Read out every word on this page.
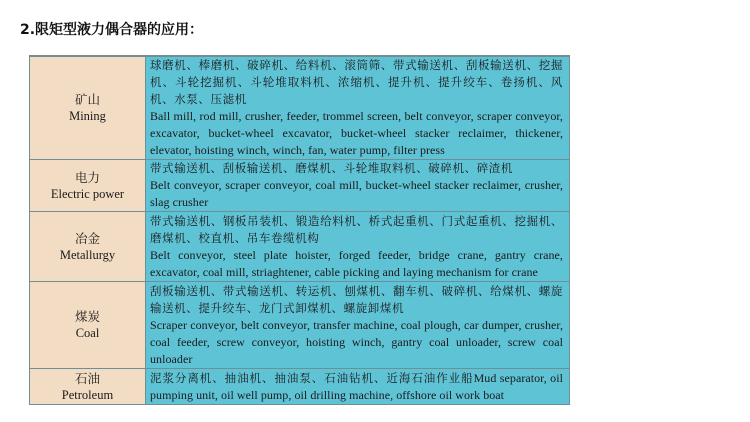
2.限矩型液力偶合器的应用：
矿山
Mining	球磨机、棒磨机、破碎机、给料机、滚筒筛、带式输送机、刮板输送机、挖掘机、斗轮挖掘机、斗轮堆取料机、浓缩机、提升机、提升绞车、卷扬机、风机、水泵、压滤机
Ball mill, rod mill, crusher, feeder, trommel screen, belt conveyor, scraper conveyor, excavator, bucket-wheel excavator, bucket-wheel stacker reclaimer, thickener, elevator, hoisting winch, winch, fan, water pump, filter press

电力
Electric power	带式输送机、刮板输送机、磨煤机、斗轮堆取料机、破碎机、碎渣机
Belt conveyor, scraper conveyor, coal mill, bucket-wheel stacker reclaimer, crusher, slag crusher

冶金
Metallurgy	带式输送机、钢板吊装机、锻造给料机、桥式起重机、门式起重机、挖掘机、磨煤机、校直机、吊车卷缆机构
Belt conveyor, steel plate hoister, forged feeder, bridge crane, gantry crane, excavator, coal mill, striaghtener, cable picking and laying mechanism for crane

煤炭
Coal	刮板输送机、带式输送机、转运机、刨煤机、翻车机、破碎机、给煤机、螺旋输送机、提升绞车、龙门式卸煤机、螺旋卸煤机
Scraper conveyor, belt conveyor, transfer machine, coal plough, car dumper, crusher, coal feeder, screw conveyor, hoisting winch, gantry coal unloader, screw coal unloader

石油
Petroleum	泥浆分离机、抽油机、抽油泵、石油钻机、近海石油作业船Mud separator, oil pumping unit, oil well pump, oil drilling machine, offshore oil work boat
